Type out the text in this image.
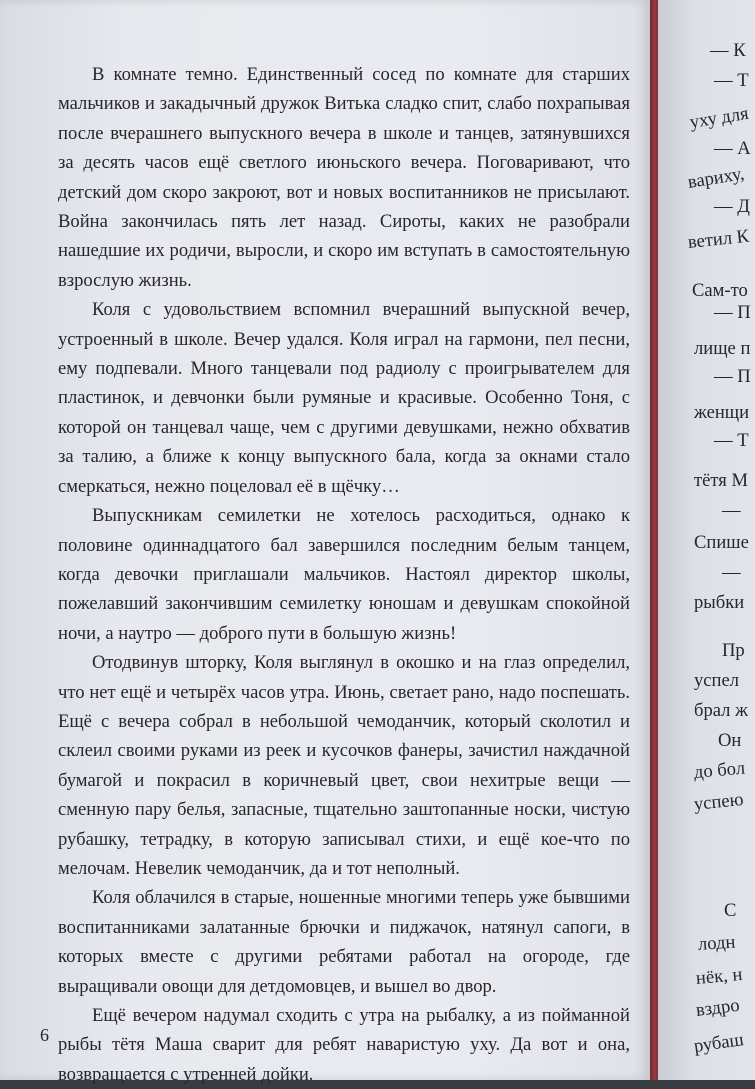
В комнате темно. Единственный сосед по комнате для старших мальчиков и закадычный дружок Витька сладко спит, слабо похрапывая после вчерашнего выпускного вечера в школе и танцев, затянувшихся за десять часов ещё светлого июньского вечера. Поговаривают, что детский дом скоро закроют, вот и новых воспитанников не присылают. Война закончилась пять лет назад. Сироты, каких не разобрали нашедшие их родичи, выросли, и скоро им вступать в самостоятельную взрослую жизнь.

Коля с удовольствием вспомнил вчерашний выпускной вечер, устроенный в школе. Вечер удался. Коля играл на гармони, пел песни, ему подпевали. Много танцевали под радиолу с проигрывателем для пластинок, и девчонки были румяные и красивые. Особенно Тоня, с которой он танцевал чаще, чем с другими девушками, нежно обхватив за талию, а ближе к концу выпускного бала, когда за окнами стало смеркаться, нежно поцеловал её в щёчку…

Выпускникам семилетки не хотелось расходиться, однако к половине одиннадцатого бал завершился последним белым танцем, когда девочки приглашали мальчиков. Настоял директор школы, пожелавший закончившим семилетку юношам и девушкам спокойной ночи, а наутро — доброго пути в большую жизнь!

Отодвинув шторку, Коля выглянул в окошко и на глаз определил, что нет ещё и четырёх часов утра. Июнь, светает рано, надо поспешать. Ещё с вечера собрал в небольшой чемоданчик, который сколотил и склеил своими руками из реек и кусочков фанеры, зачистил наждачной бумагой и покрасил в коричневый цвет, свои нехитрые вещи — сменную пару белья, запасные, тщательно заштопанные носки, чистую рубашку, тетрадку, в которую записывал стихи, и ещё кое-что по мелочам. Невелик чемоданчик, да и тот неполный.

Коля облачился в старые, ношенные многими теперь уже бывшими воспитанниками залатанные брючки и пиджачок, натянул сапоги, в которых вместе с другими ребятами работал на огороде, где выращивали овощи для детдомовцев, и вышел во двор.

Ещё вечером надумал сходить с утра на рыбалку, а из пойманной рыбы тётя Маша сварит для ребят наваристую уху. Да вот и она, возвращается с утренней дойки.

6
— К
— Т
уху для
— А
вариху,
— Д
ветил К
Сам-то
— П
лище п
— П
женщи
— Т
тётя М
—
Спише
—
рыбки
Пр
успел
брал ж
Он
до бол
успею
С
лодн
нёк, н
вздро
рубаш
